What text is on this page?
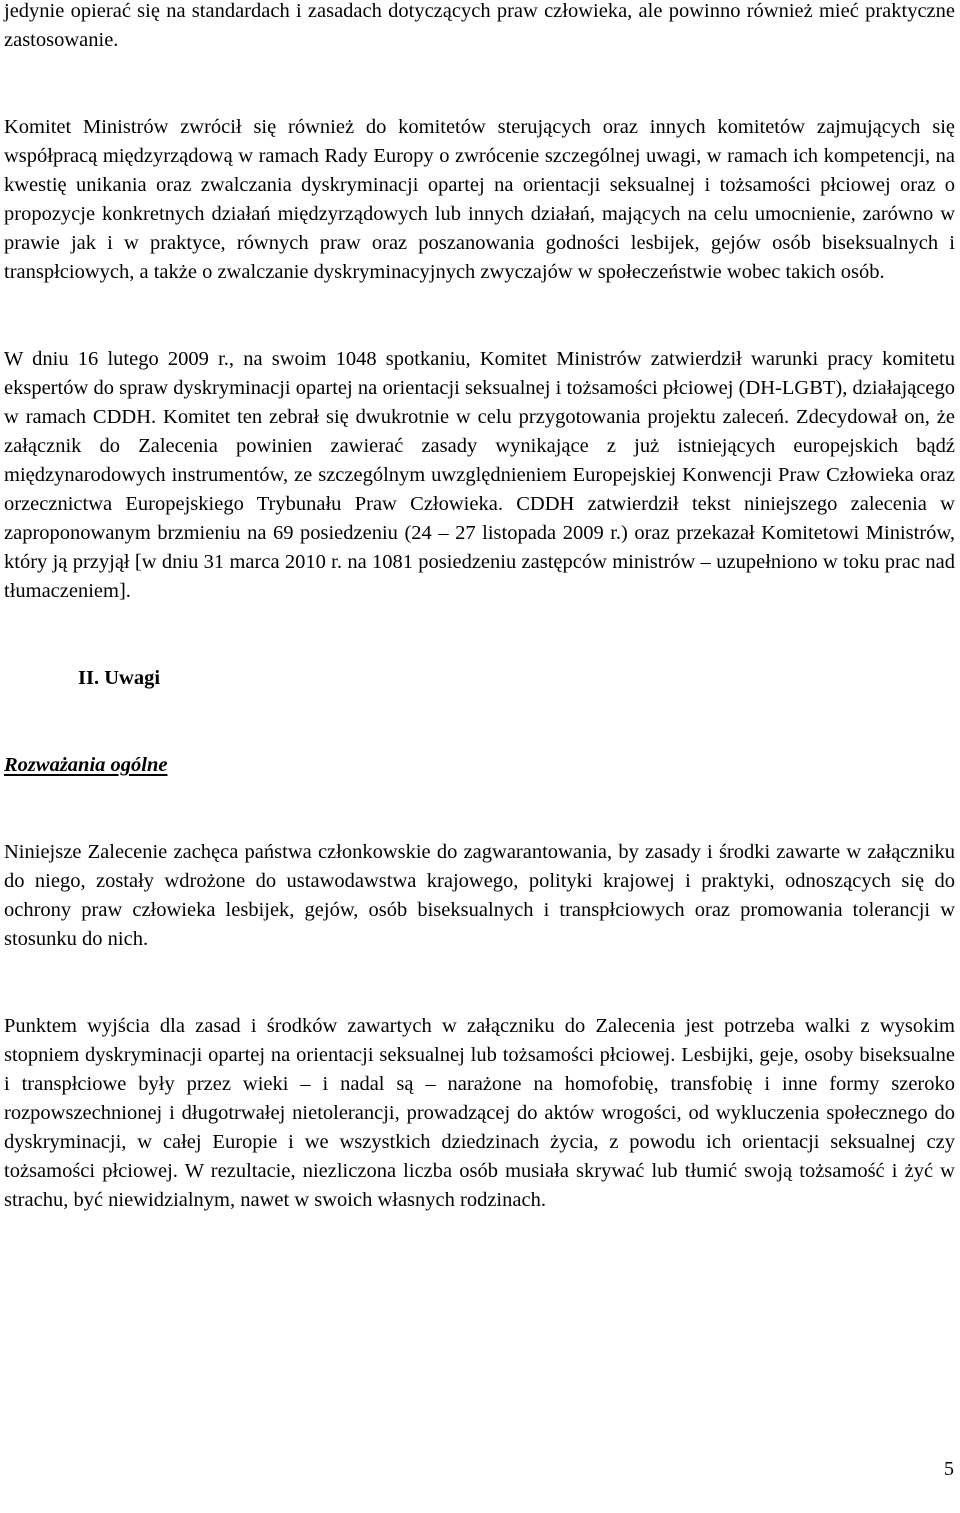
jedynie opierać się na standardach i zasadach dotyczących praw człowieka, ale powinno również mieć praktyczne zastosowanie.

Komitet Ministrów zwrócił się również do komitetów sterujących oraz innych komitetów zajmujących się współpracą międzyrządową w ramach Rady Europy o zwrócenie szczególnej uwagi, w ramach ich kompetencji, na kwestię unikania oraz zwalczania dyskryminacji opartej na orientacji seksualnej i tożsamości płciowej oraz o propozycje konkretnych działań międzyrządowych lub innych działań, mających na celu umocnienie, zarówno w prawie jak i w praktyce, równych praw oraz poszanowania godności lesbijek, gejów osób biseksualnych i transpłciowych, a także o zwalczanie dyskryminacyjnych zwyczajów w społeczeństwie wobec takich osób.

W dniu 16 lutego 2009 r., na swoim 1048 spotkaniu, Komitet Ministrów zatwierdził warunki pracy komitetu ekspertów do spraw dyskryminacji opartej na orientacji seksualnej i tożsamości płciowej (DH-LGBT), działającego w ramach CDDH. Komitet ten zebrał się dwukrotnie w celu przygotowania projektu zaleceń. Zdecydował on, że załącznik do Zalecenia powinien zawierać zasady wynikające z już istniejących europejskich bądź międzynarodowych instrumentów, ze szczególnym uwzględnieniem Europejskiej Konwencji Praw Człowieka oraz orzecznictwa Europejskiego Trybunału Praw Człowieka. CDDH zatwierdził tekst niniejszego zalecenia w zaproponowanym brzmieniu na 69 posiedzeniu (24 – 27 listopada 2009 r.) oraz przekazał Komitetowi Ministrów, który ją przyjął [w dniu 31 marca 2010 r. na 1081 posiedzeniu zastępców ministrów – uzupełniono w toku prac nad tłumaczeniem].

II. Uwagi
Rozważania ogólne

Niniejsze Zalecenie zachęca państwa członkowskie do zagwarantowania, by zasady i środki zawarte w załączniku do niego, zostały wdrożone do ustawodawstwa krajowego, polityki krajowej i praktyki, odnoszących się do ochrony praw człowieka lesbijek, gejów, osób biseksualnych i transpłciowych oraz promowania tolerancji w stosunku do nich.

Punktem wyjścia dla zasad i środków zawartych w załączniku do Zalecenia jest potrzeba walki z wysokim stopniem dyskryminacji opartej na orientacji seksualnej lub tożsamości płciowej. Lesbijki, geje, osoby biseksualne i transpłciowe były przez wieki – i nadal są – narażone na homofobię, transfobię i inne formy szeroko rozpowszechnionej i długotrwałej nietolerancji, prowadzącej do aktów wrogości, od wykluczenia społecznego do dyskryminacji, w całej Europie i we wszystkich dziedzinach życia, z powodu ich orientacji seksualnej czy tożsamości płciowej. W rezultacie, niezliczona liczba osób musiała skrywać lub tłumić swoją tożsamość i żyć w strachu, być niewidzialnym, nawet w swoich własnych rodzinach.

5
